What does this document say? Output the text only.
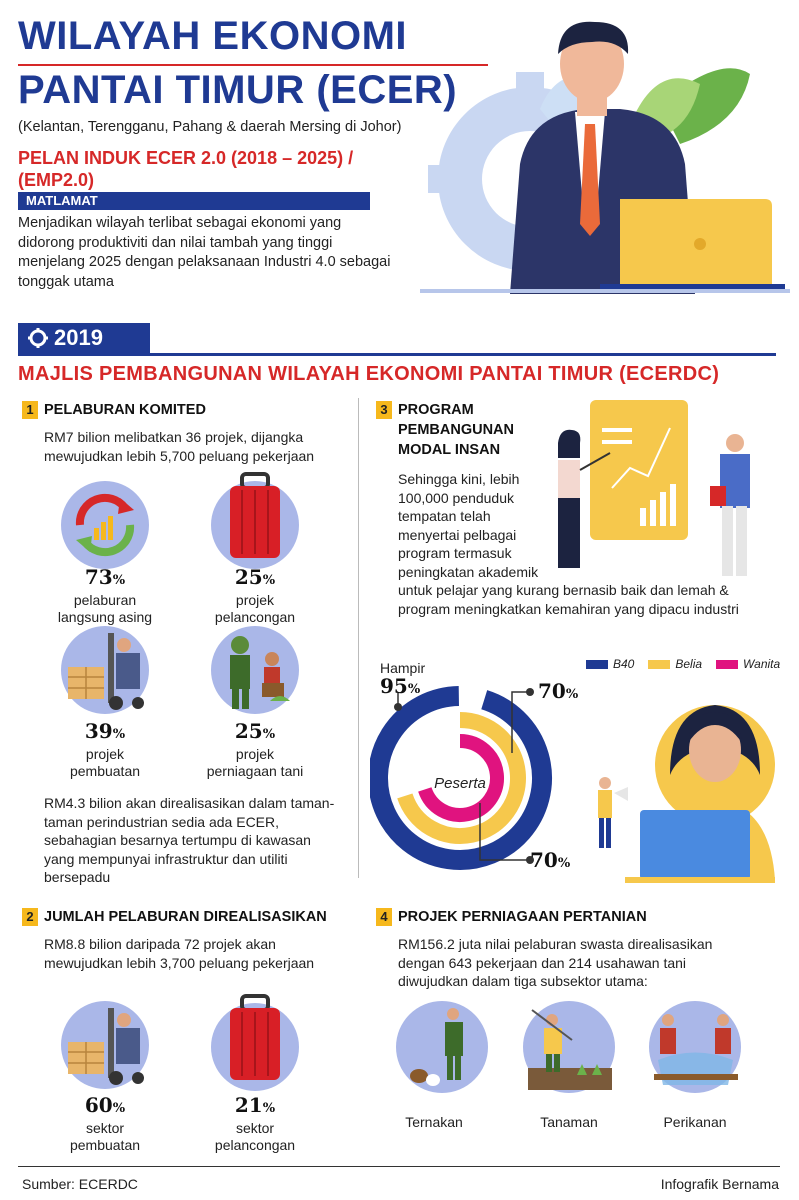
WILAYAH EKONOMI
PANTAI TIMUR (ECER)
(Kelantan, Terengganu, Pahang & daerah Mersing di Johor)
PELAN INDUK ECER 2.0 (2018 – 2025) /
(EMP2.0)
MATLAMAT
Menjadikan wilayah terlibat sebagai ekonomi yang didorong produktiviti dan nilai tambah yang tinggi menjelang 2025 dengan pelaksanaan Industri 4.0 sebagai tonggak utama
2019
MAJLIS PEMBANGUNAN WILAYAH EKONOMI PANTAI TIMUR (ECERDC)
1 PELABURAN KOMITED
RM7 bilion melibatkan 36 projek, dijangka mewujudkan lebih 5,700 peluang pekerjaan
73%
pelaburan
langsung asing
25%
projek
pelancongan
39%
projek
pembuatan
25%
projek
perniagaan tani
RM4.3 bilion akan direalisasikan dalam taman-taman perindustrian sedia ada ECER, sebahagian besarnya tertumpu di kawasan yang mempunyai infrastruktur dan utiliti bersepadu
2 JUMLAH PELABURAN DIREALISASIKAN
RM8.8 bilion daripada 72 projek akan mewujudkan lebih 3,700 peluang pekerjaan
60%
sektor
pembuatan
21%
sektor
pelancongan
3 PROGRAM
PEMBANGUNAN
MODAL INSAN
Sehingga kini, lebih
100,000 penduduk
tempatan telah
menyertai pelbagai
program termasuk
peningkatan akademik
untuk pelajar yang kurang bernasib baik dan lemah &
program meningkatkan kemahiran yang dipacu industri
B40	Belia	Wanita
Hampir
95%	70%
70%
Peserta
4 PROJEK PERNIAGAAN PERTANIAN
RM156.2 juta nilai pelaburan swasta direalisasikan dengan 643 pekerjaan dan 214 usahawan tani diwujudkan dalam tiga subsektor utama:
Ternakan	Tanaman	Perikanan
Sumber: ECERDC	Infografik Bernama
